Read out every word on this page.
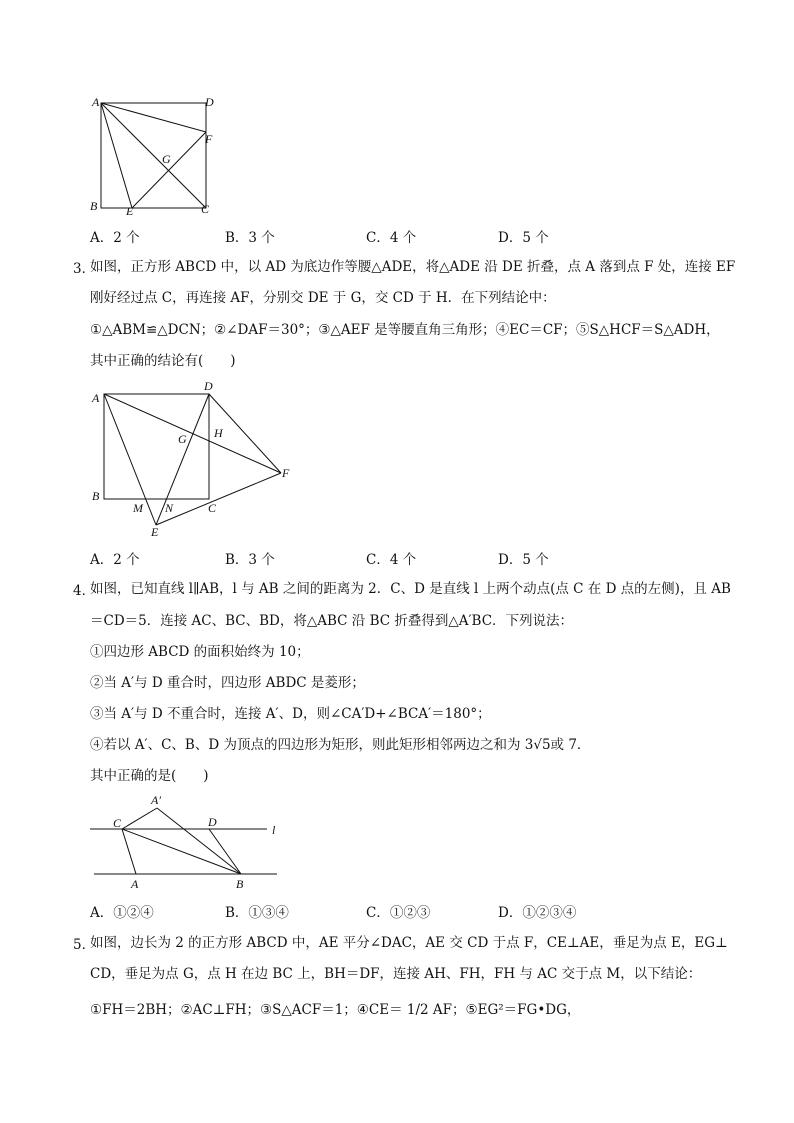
A	D
F
G
B E	C
A．2 个	B．3 个	C．4 个	D．5 个
3．
如图，正方形 ABCD 中，以 AD 为底边作等腰△ADE，将△ADE 沿 DE 折叠，点 A 落到点 F 处，连接 EF
刚好经过点 C，再连接 AF，分别交 DE 于 G，交 CD 于 H．在下列结论中：
①△ABM≌△DCN；②∠DAF＝30°；③△AEF 是等腰直角三角形；④EC＝CF；⑤S△HCF＝S△ADH，
其中正确的结论有(　　)
A
D
G H
F
B
M N	C
E
A．2 个	B．3 个	C．4 个	D．5 个
4．
如图，已知直线 l∥AB，l 与 AB 之间的距离为 2．C、D 是直线 l 上两个动点(点 C 在 D 点的左侧)，且 AB
＝CD＝5．连接 AC、BC、BD，将△ABC 沿 BC 折叠得到△A′BC．下列说法：
①四边形 ABCD 的面积始终为 10；
②当 A′与 D 重合时，四边形 ABDC 是菱形；
③当 A′与 D 不重合时，连接 A′、D，则∠CA′D+∠BCA′＝180°；
④若以 A′、C、B、D 为顶点的四边形为矩形，则此矩形相邻两边之和为 3√5或 7．
其中正确的是(　　)
A′
C	D
l
A	B
A．①②④	B．①③④	C．①②③	D．①②③④
5．
如图，边长为 2 的正方形 ABCD 中，AE 平分∠DAC，AE 交 CD 于点 F，CE⊥AE，垂足为点 E，EG⊥
CD，垂足为点 G，点 H 在边 BC 上，BH＝DF，连接 AH、FH，FH 与 AC 交于点 M，以下结论：
①FH＝2BH；②AC⊥FH；③S△ACF＝1；④CE＝ 1/2 AF；⑤EG²＝FG•DG，
